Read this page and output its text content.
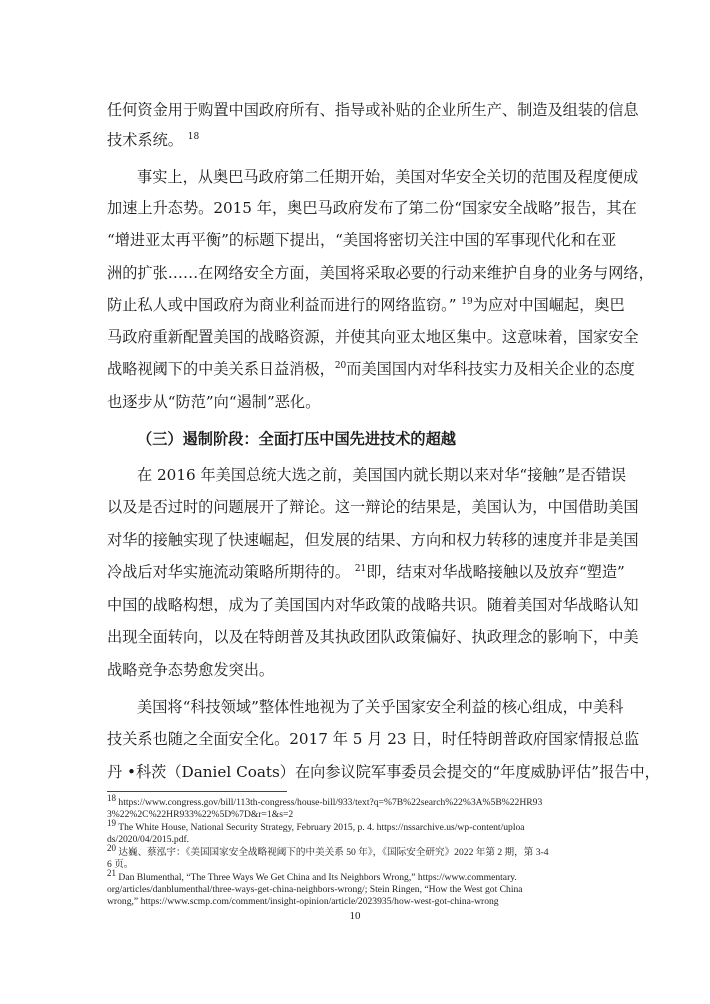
任何资金用于购置中国政府所有、指导或补贴的企业所生产、制造及组装的信息
技术系统。 $^{18}$
事实上，从奥巴马政府第二任期开始，美国对华安全关切的范围及程度便成
加速上升态势。2015 年，奥巴马政府发布了第二份“国家安全战略”报告，其在
“增进亚太再平衡”的标题下提出，“美国将密切关注中国的军事现代化和在亚
洲的扩张……在网络安全方面，美国将采取必要的行动来维护自身的业务与网络，
防止私人或中国政府为商业利益而进行的网络监窃。” $^{19}$为应对中国崛起，奥巴
马政府重新配置美国的战略资源，并使其向亚太地区集中。这意味着，国家安全
战略视阈下的中美关系日益消极，$^{20}$而美国国内对华科技实力及相关企业的态度
也逐步从“防范”向“遏制”恶化。
（三）遏制阶段：全面打压中国先进技术的超越
在 2016 年美国总统大选之前，美国国内就长期以来对华“接触”是否错误
以及是否过时的问题展开了辩论。这一辩论的结果是，美国认为，中国借助美国
对华的接触实现了快速崛起，但发展的结果、方向和权力转移的速度并非是美国
冷战后对华实施流动策略所期待的。 $^{21}$即，结束对华战略接触以及放弃“塑造”
中国的战略构想，成为了美国国内对华政策的战略共识。随着美国对华战略认知
出现全面转向，以及在特朗普及其执政团队政策偏好、执政理念的影响下，中美
战略竞争态势愈发突出。
美国将“科技领域”整体性地视为了关乎国家安全利益的核心组成，中美科
技关系也随之全面安全化。2017 年 5 月 23 日，时任特朗普政府国家情报总监
丹 •科茨（Daniel Coats）在向参议院军事委员会提交的“年度威胁评估”报告中，
18 https://www.congress.gov/bill/113th-congress/house-bill/933/text?q=%7B%22search%22%3A%5B%22HR93
3%22%2C%22HR933%22%5D%7D&r=1&s=2
19 The White House, National Security Strategy, February 2015, p. 4. https://nssarchive.us/wp-content/uploa
ds/2020/04/2015.pdf.
20 达巍、蔡泓宇：《美国国家安全战略视阈下的中美关系 50 年》，《国际安全研究》2022 年第 2 期，第 3-4
6 页。
21 Dan Blumenthal, “The Three Ways We Get China and Its Neighbors Wrong,” https://www.commentary.
org/articles/danblumenthal/three-ways-get-china-neighbors-wrong/; Stein Ringen, “How the West got China
wrong,” https://www.scmp.com/comment/insight-opinion/article/2023935/how-west-got-china-wrong
10
